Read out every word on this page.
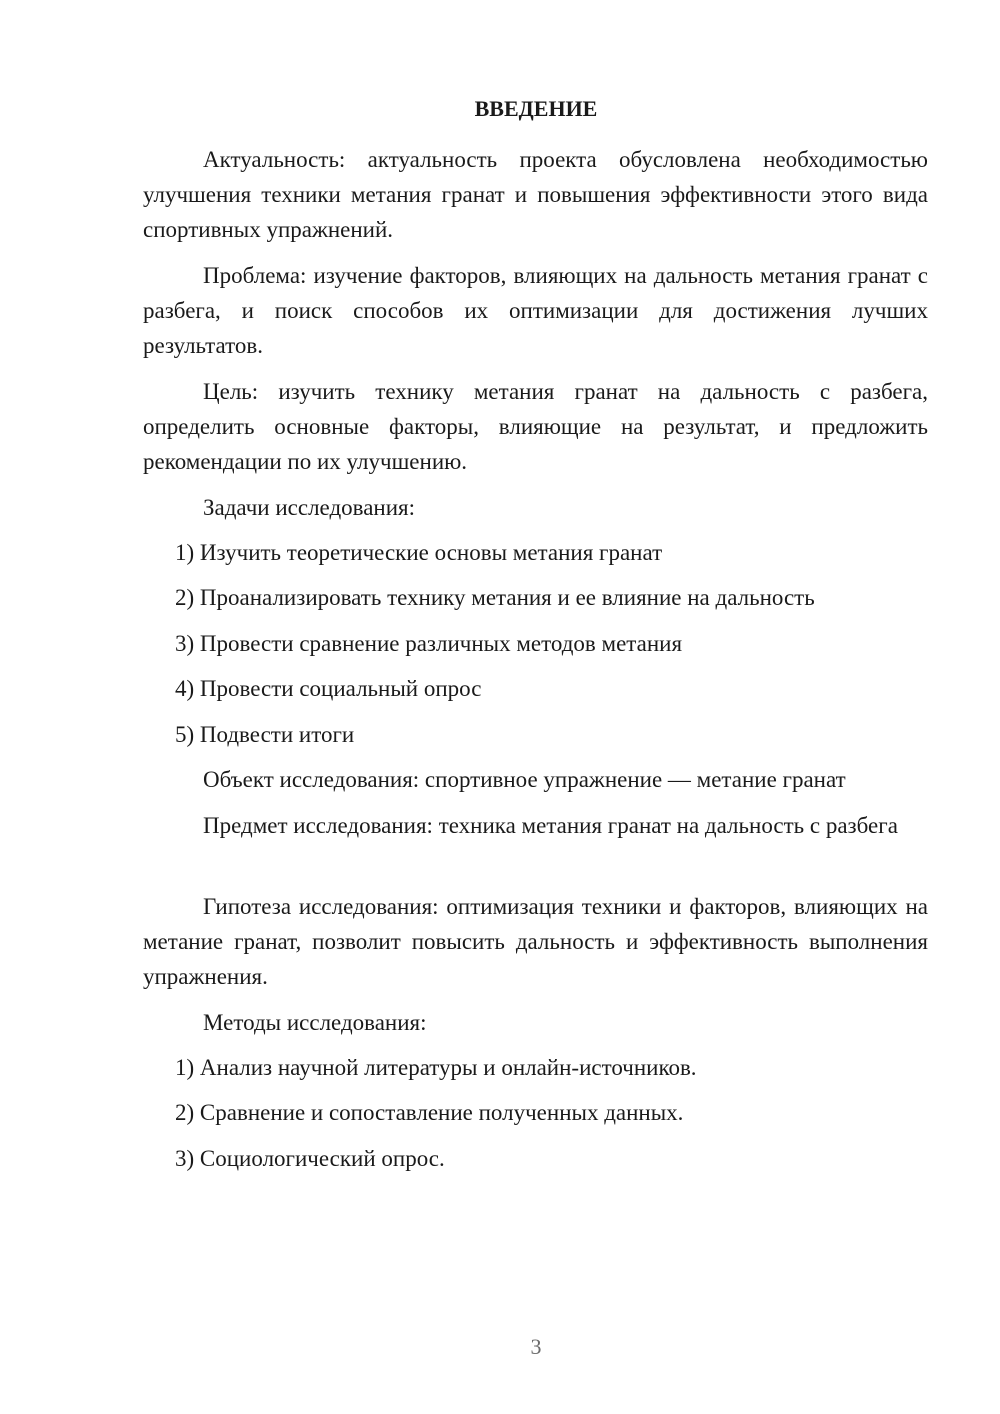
ВВЕДЕНИЕ
Актуальность: актуальность проекта обусловлена необходимостью улучшения техники метания гранат и повышения эффективности этого вида спортивных упражнений.
Проблема: изучение факторов, влияющих на дальность метания гранат с разбега, и поиск способов их оптимизации для достижения лучших результатов.
Цель: изучить технику метания гранат на дальность с разбега, определить основные факторы, влияющие на результат, и предложить рекомендации по их улучшению.
Задачи исследования:
1) Изучить теоретические основы метания гранат
2) Проанализировать технику метания и ее влияние на дальность
3) Провести сравнение различных методов метания
4) Провести социальный опрос
5) Подвести итоги
Объект исследования: спортивное упражнение — метание гранат
Предмет исследования: техника метания гранат на дальность с разбега
Гипотеза исследования: оптимизация техники и факторов, влияющих на метание гранат, позволит повысить дальность и эффективность выполнения упражнения.
Методы исследования:
1) Анализ научной литературы и онлайн-источников.
2) Сравнение и сопоставление полученных данных.
3) Социологический опрос.
3
